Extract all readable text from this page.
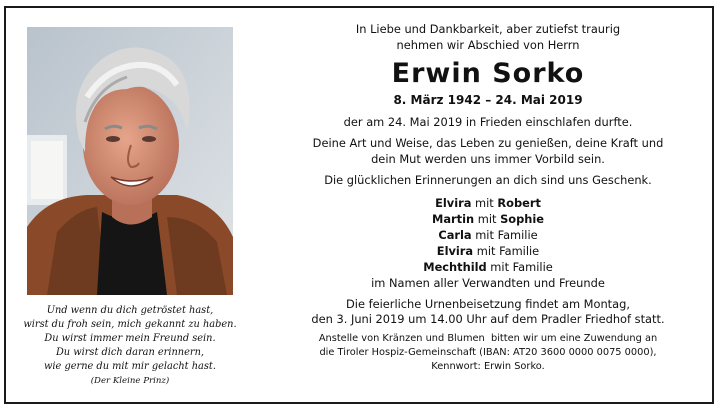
Und wenn du dich getröstet hast,
wirst du froh sein, mich gekannt zu haben.
Du wirst immer mein Freund sein.
Du wirst dich daran erinnern,
wie gerne du mit mir gelacht hast.
(Der Kleine Prinz)

In Liebe und Dankbarkeit, aber zutiefst traurig

nehmen wir Abschied von Herrn

Erwin Sorko

8. März 1942 – 24. Mai 2019

der am 24. Mai 2019 in Frieden einschlafen durfte.

Deine Art und Weise, das Leben zu genießen, deine Kraft und
dein Mut werden uns immer Vorbild sein.

Die glücklichen Erinnerungen an dich sind uns Geschenk.

Elvira mit Robert

Martin mit Sophie

Carla mit Familie

Elvira mit Familie

Mechthild mit Familie

im Namen aller Verwandten und Freunde

Die feierliche Urnenbeisetzung findet am Montag,
den 3. Juni 2019 um 14.00 Uhr auf dem Pradler Friedhof statt.
Anstelle von Kränzen und Blumen  bitten wir um eine Zuwendung an
die Tiroler Hospiz-Gemeinschaft (IBAN: AT20 3600 0000 0075 0000),
Kennwort: Erwin Sorko.
